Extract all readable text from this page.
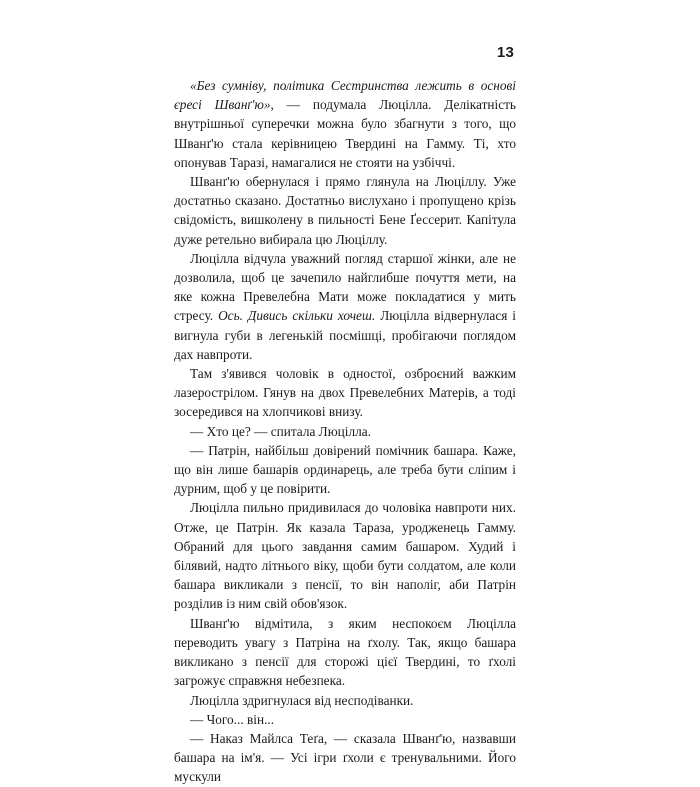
13

«Без сумніву, політика Сестринства лежить в основі єресі Шванґ'ю», — подумала Люцілла. Делікатність внутрішньої суперечки можна було збагнути з того, що Шванґ'ю стала керівницею Твердині на Гамму. Ті, хто опонував Таразі, намагалися не стояти на узбіччі.

Шванґ'ю обернулася і прямо глянула на Люціллу. Уже достатньо сказано. Достатньо вислухано і пропущено крізь свідомість, вишколену в пильності Бене Ґессерит. Капітула дуже ретельно вибирала цю Люціллу.

Люцілла відчула уважний погляд старшої жінки, але не дозволила, щоб це зачепило найглибше почуття мети, на яке кожна Превелебна Мати може покладатися у мить стресу. Ось. Дивись скільки хочеш. Люцілла відвернулася і вигнула губи в легенькій посмішці, пробігаючи поглядом дах навпроти.

Там з'явився чоловік в одностої, озброєний важким лазерострілом. Гянув на двох Превелебних Матерів, а тоді зосередився на хлопчикові внизу.

— Хто це? — спитала Люцілла.

— Патрін, найбільш довірений помічник башара. Каже, що він лише башарів ординарець, але треба бути сліпим і дурним, щоб у це повірити.

Люцілла пильно придивилася до чоловіка навпроти них. Отже, це Патрін. Як казала Тараза, уродженець Гамму. Обраний для цього завдання самим башаром. Худий і білявий, надто літнього віку, щоби бути солдатом, але коли башара викликали з пенсії, то він наполіг, аби Патрін розділив із ним свій обов'язок.

Шванґ'ю відмітила, з яким неспокоєм Люцілла переводить увагу з Патріна на ґхолу. Так, якщо башара викликано з пенсії для сторожі цієї Твердині, то ґхолі загрожує справжня небезпека.

Люцілла здригнулася від несподіванки.

— Чого... він...

— Наказ Майлса Теґа, — сказала Шванґ'ю, назвавши башара на ім'я. — Усі ігри ґхоли є тренувальними. Його мускули
